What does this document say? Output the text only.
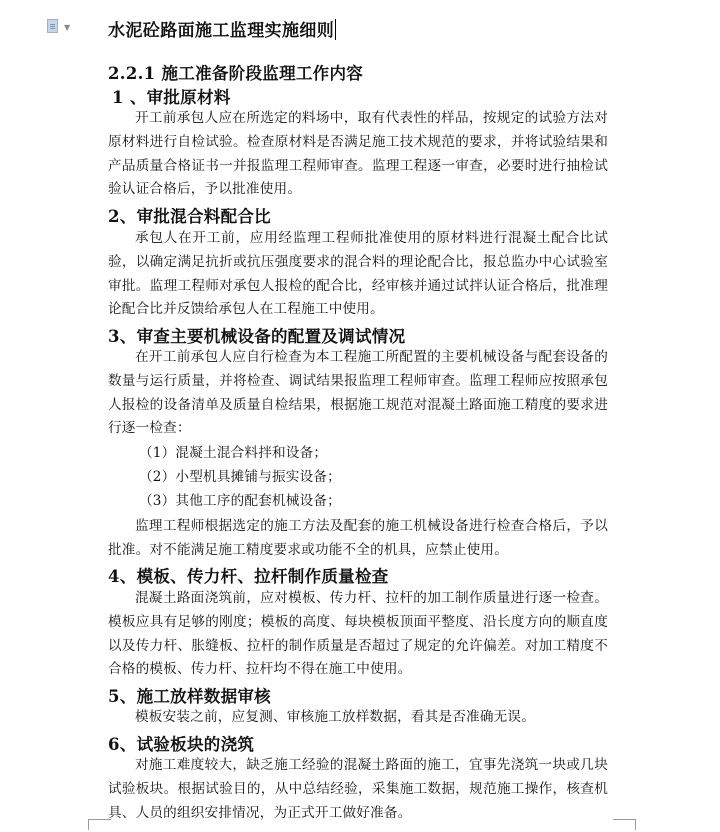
▼ 水泥砼路面施工监理实施细则
2.2.1 施工准备阶段监理工作内容
1 、审批原材料
开工前承包人应在所选定的料场中，取有代表性的样品，按规定的试验方法对原材料进行自检试验。检查原材料是否满足施工技术规范的要求，并将试验结果和产品质量合格证书一并报监理工程师审查。监理工程逐一审查，必要时进行抽检试验认证合格后，予以批准使用。
2、审批混合料配合比
承包人在开工前，应用经监理工程师批准使用的原材料进行混凝土配合比试验，以确定满足抗折或抗压强度要求的混合料的理论配合比，报总监办中心试验室审批。监理工程师对承包人报检的配合比，经审核并通过试拌认证合格后，批准理论配合比并反馈给承包人在工程施工中使用。
3、审查主要机械设备的配置及调试情况
在开工前承包人应自行检查为本工程施工所配置的主要机械设备与配套设备的数量与运行质量，并将检查、调试结果报监理工程师审查。监理工程师应按照承包人报检的设备清单及质量自检结果，根据施工规范对混凝土路面施工精度的要求进行逐一检查：
（1）混凝土混合料拌和设备；
（2）小型机具摊铺与振实设备；
（3）其他工序的配套机械设备；
监理工程师根据选定的施工方法及配套的施工机械设备进行检查合格后，予以批准。对不能满足施工精度要求或功能不全的机具，应禁止使用。
4、模板、传力杆、拉杆制作质量检查
混凝土路面浇筑前，应对模板、传力杆、拉杆的加工制作质量进行逐一检查。模板应具有足够的刚度；模板的高度、每块模板顶面平整度、沿长度方向的顺直度以及传力杆、胀缝板、拉杆的制作质量是否超过了规定的允许偏差。对加工精度不合格的模板、传力杆、拉杆均不得在施工中使用。
5、施工放样数据审核
模板安装之前，应复测、审核施工放样数据，看其是否准确无误。
6、试验板块的浇筑
对施工难度较大，缺乏施工经验的混凝土路面的施工，宜事先浇筑一块或几块试验板块。根据试验目的，从中总结经验，采集施工数据，规范施工操作，核查机具、人员的组织安排情况，为正式开工做好准备。
